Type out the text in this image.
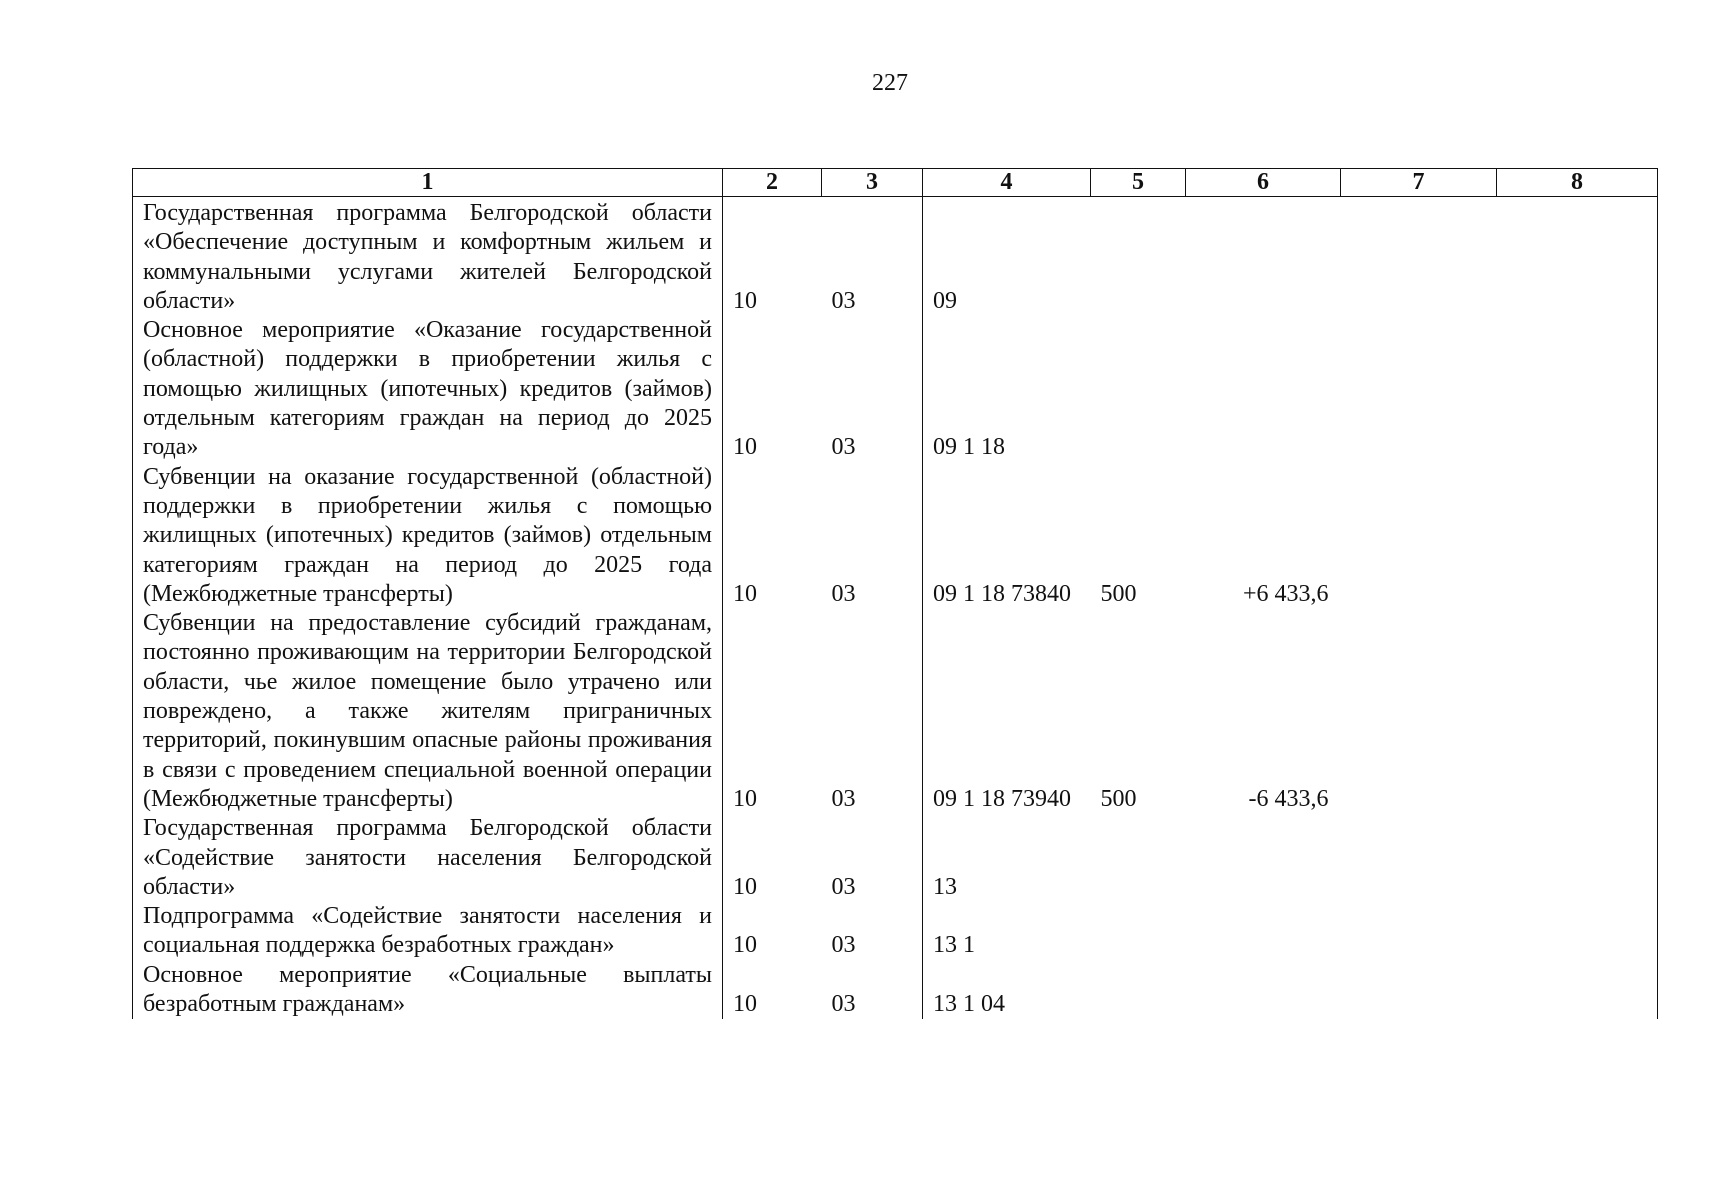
227
1	2	3	4	5	6	7	8
Государственная программа Белгородской области «Обеспечение доступным и комфортным жильем и коммунальными услугами жителей Белгородской области»	10	03	09				
Основное мероприятие «Оказание государственной (областной) поддержки в приобретении жилья с помощью жилищных (ипотечных) кредитов (займов) отдельным категориям граждан на период до 2025 года»	10	03	09 1 18				
Субвенции на оказание государственной (областной) поддержки в приобретении жилья с помощью жилищных (ипотечных) кредитов (займов) отдельным категориям граждан на период до 2025 года (Межбюджетные трансферты)	10	03	09 1 18 73840	500	+6 433,6		
Субвенции на предоставление субсидий гражданам, постоянно проживающим на территории Белгородской области, чье жилое помещение было утрачено или повреждено, а также жителям приграничных территорий, покинувшим опасные районы проживания в связи с проведением специальной военной операции (Межбюджетные трансферты)	10	03	09 1 18 73940	500	-6 433,6		
Государственная программа Белгородской области «Содействие занятости населения Белгородской области»	10	03	13				
Подпрограмма «Содействие занятости населения и социальная поддержка безработных граждан»	10	03	13 1				
Основное мероприятие «Социальные выплаты безработным гражданам»	10	03	13 1 04				
